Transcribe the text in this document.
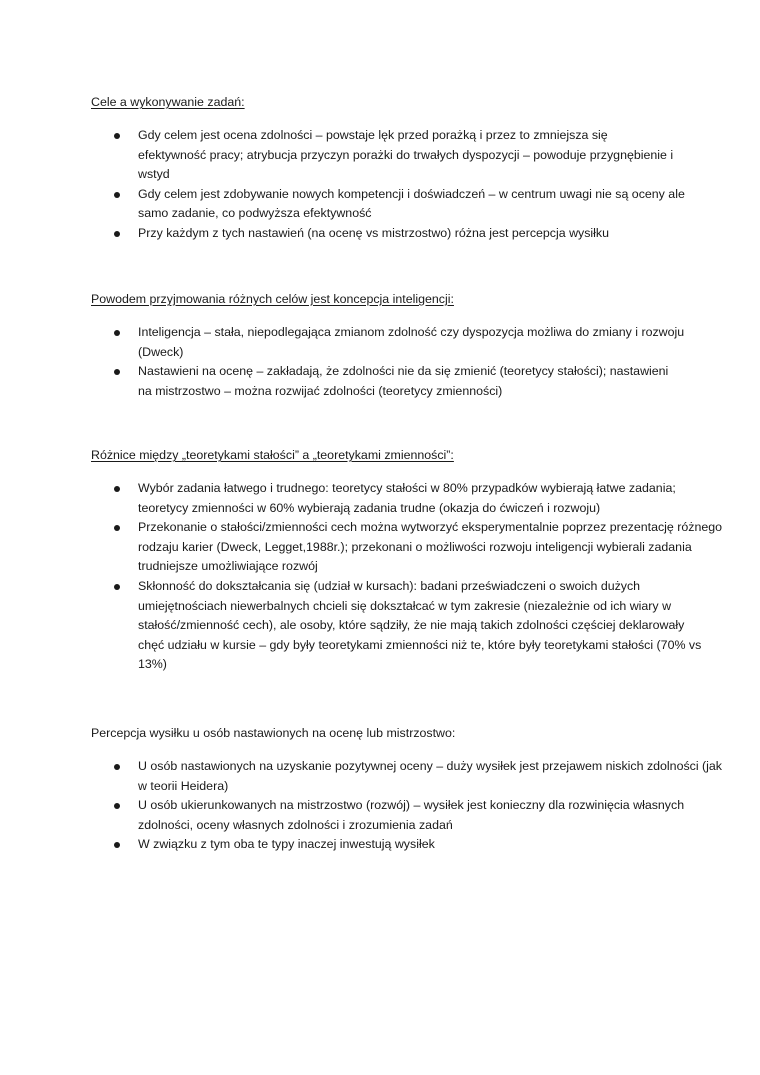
Cele a wykonywanie zadań:

Gdy celem jest ocena zdolności – powstaje lęk przed porażką i przez to zmniejsza się efektywność pracy; atrybucja przyczyn porażki do trwałych dyspozycji – powoduje przygnębienie i wstyd
Gdy celem jest zdobywanie nowych kompetencji i doświadczeń – w centrum uwagi nie są oceny ale samo zadanie, co podwyższa efektywność
Przy każdym z tych nastawień (na ocenę vs mistrzostwo) różna jest percepcja wysiłku

Powodem przyjmowania różnych celów jest koncepcja inteligencji:

Inteligencja – stała, niepodlegająca zmianom zdolność czy dyspozycja możliwa do zmiany i rozwoju (Dweck)
Nastawieni na ocenę – zakładają, że zdolności nie da się zmienić (teoretycy stałości); nastawieni na mistrzostwo – można rozwijać zdolności (teoretycy zmienności)

Różnice między „teoretykami stałości” a „teoretykami zmienności”:

Wybór zadania łatwego i trudnego: teoretycy stałości w 80% przypadków wybierają łatwe zadania; teoretycy zmienności w 60% wybierają zadania trudne (okazja do ćwiczeń i rozwoju)
Przekonanie o stałości/zmienności cech można wytworzyć eksperymentalnie poprzez prezentację różnego rodzaju karier (Dweck, Legget,1988r.); przekonani o możliwości rozwoju inteligencji wybierali zadania trudniejsze umożliwiające rozwój
Skłonność do dokształcania się (udział w kursach): badani przeświadczeni o swoich dużych umiejętnościach niewerbalnych chcieli się dokształcać w tym zakresie (niezależnie od ich wiary w stałość/zmienność cech), ale osoby, które sądziły, że nie mają takich zdolności częściej deklarowały chęć udziału w kursie – gdy były teoretykami zmienności niż te, które były teoretykami stałości (70% vs 13%)

Percepcja wysiłku u osób nastawionych na ocenę lub mistrzostwo:

U osób nastawionych na uzyskanie pozytywnej oceny – duży wysiłek jest przejawem niskich zdolności (jak w teorii Heidera)
U osób ukierunkowanych na mistrzostwo (rozwój) – wysiłek jest konieczny dla rozwinięcia własnych zdolności, oceny własnych zdolności i zrozumienia zadań
W związku z tym oba te typy inaczej inwestują wysiłek
